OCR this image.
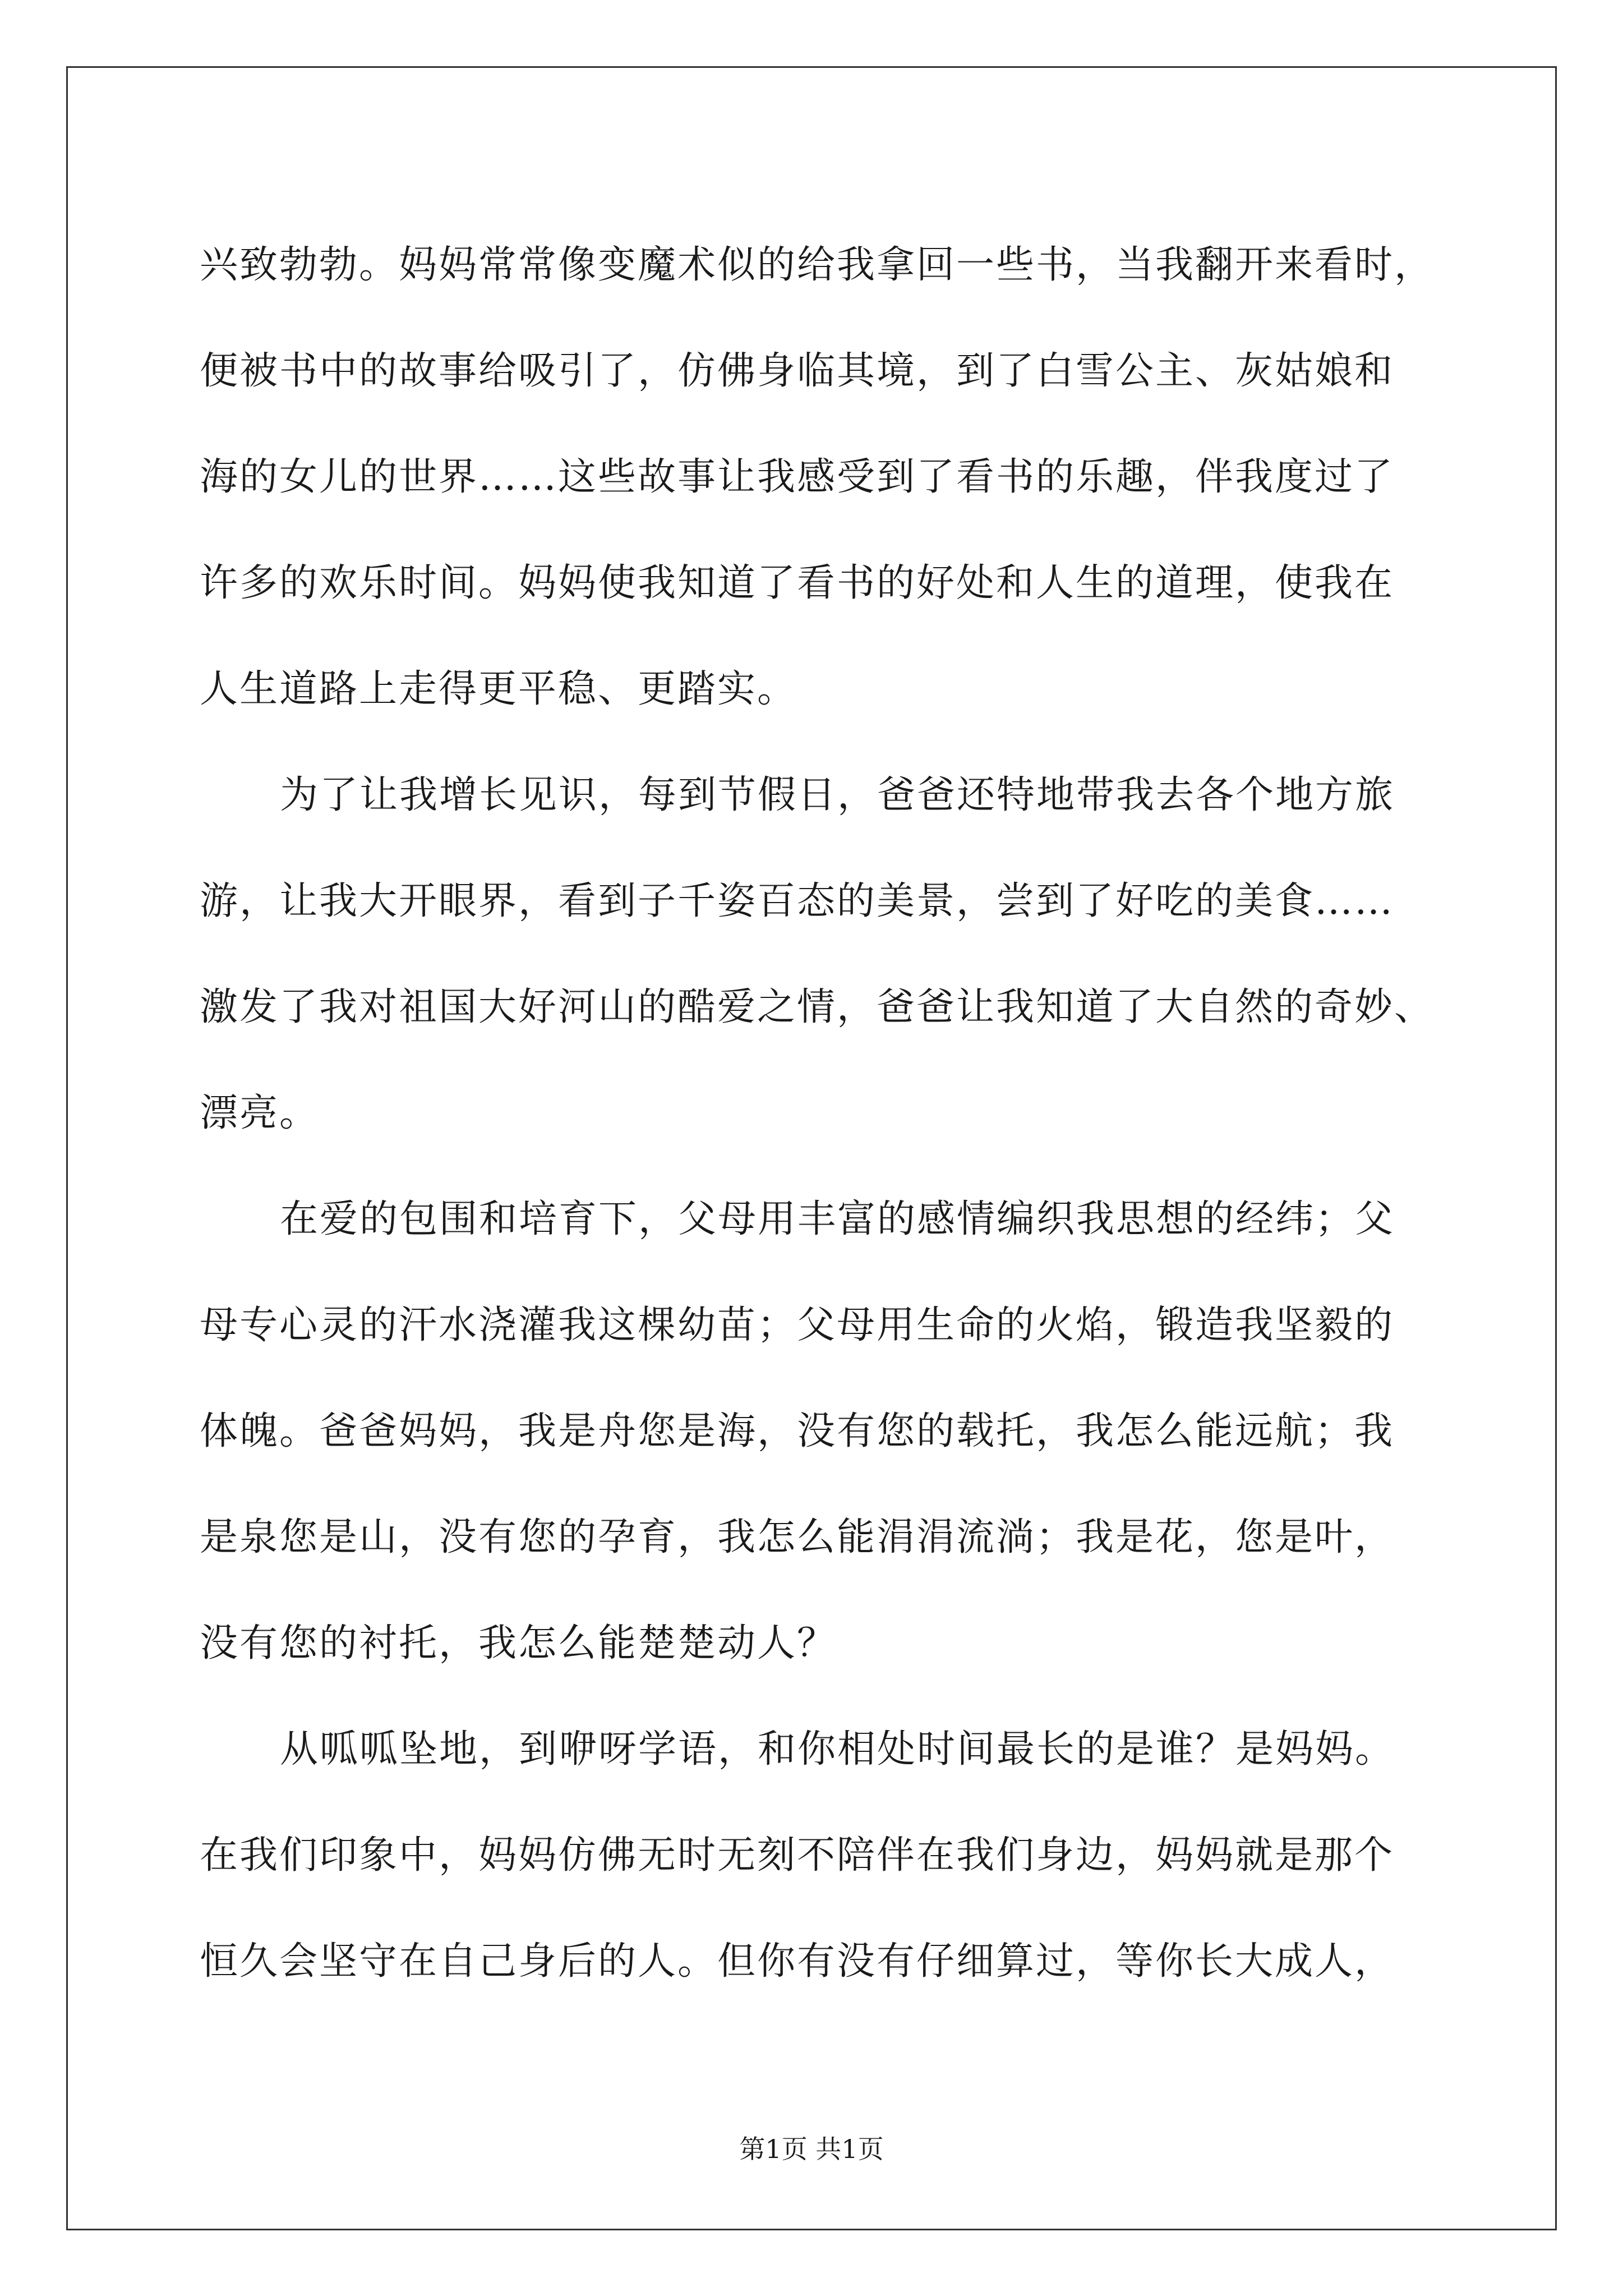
兴致勃勃。妈妈常常像变魔术似的给我拿回一些书，当我翻开来看时，
便被书中的故事给吸引了，仿佛身临其境，到了白雪公主、灰姑娘和
海的女儿的世界……这些故事让我感受到了看书的乐趣，伴我度过了
许多的欢乐时间。妈妈使我知道了看书的好处和人生的道理，使我在
人生道路上走得更平稳、更踏实。
为了让我增长见识，每到节假日，爸爸还特地带我去各个地方旅
游，让我大开眼界，看到子千姿百态的美景，尝到了好吃的美食……
激发了我对祖国大好河山的酷爱之情，爸爸让我知道了大自然的奇妙、
漂亮。
在爱的包围和培育下，父母用丰富的感情编织我思想的经纬；父
母专心灵的汗水浇灌我这棵幼苗；父母用生命的火焰，锻造我坚毅的
体魄。爸爸妈妈，我是舟您是海，没有您的载托，我怎么能远航；我
是泉您是山，没有您的孕育，我怎么能涓涓流淌；我是花，您是叶，
没有您的衬托，我怎么能楚楚动人？
从呱呱坠地，到咿呀学语，和你相处时间最长的是谁？是妈妈。
在我们印象中，妈妈仿佛无时无刻不陪伴在我们身边，妈妈就是那个
恒久会坚守在自己身后的人。但你有没有仔细算过，等你长大成人，
第1页 共1页
